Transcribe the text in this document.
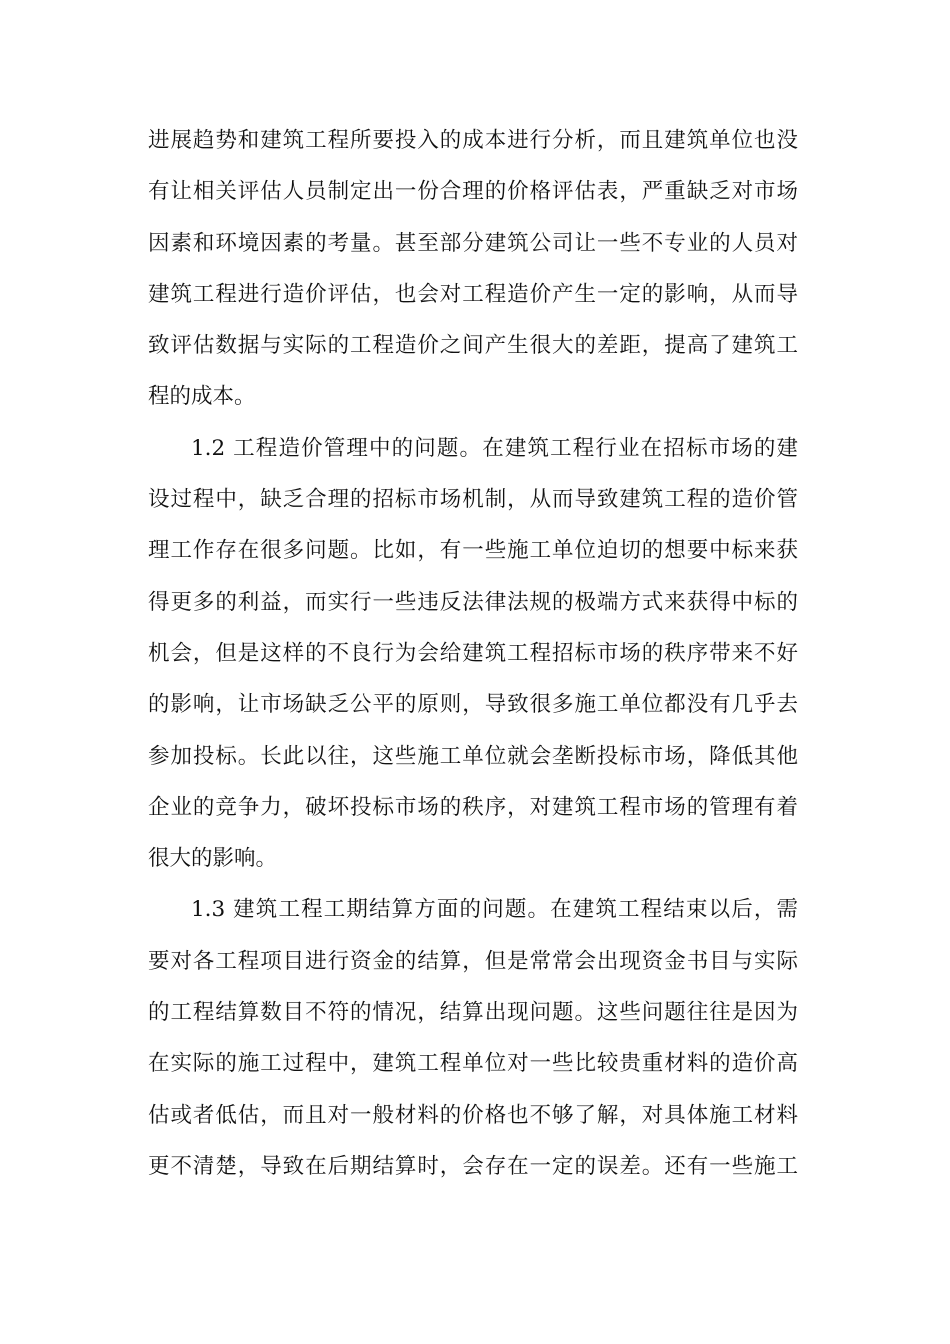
进展趋势和建筑工程所要投入的成本进行分析，而且建筑单位也没
有让相关评估人员制定出一份合理的价格评估表，严重缺乏对市场
因素和环境因素的考量。甚至部分建筑公司让一些不专业的人员对
建筑工程进行造价评估，也会对工程造价产生一定的影响，从而导
致评估数据与实际的工程造价之间产生很大的差距，提高了建筑工
程的成本。
1.2 工程造价管理中的问题。在建筑工程行业在招标市场的建
设过程中，缺乏合理的招标市场机制，从而导致建筑工程的造价管
理工作存在很多问题。比如，有一些施工单位迫切的想要中标来获
得更多的利益，而实行一些违反法律法规的极端方式来获得中标的
机会，但是这样的不良行为会给建筑工程招标市场的秩序带来不好
的影响，让市场缺乏公平的原则，导致很多施工单位都没有几乎去
参加投标。长此以往，这些施工单位就会垄断投标市场，降低其他
企业的竞争力，破坏投标市场的秩序，对建筑工程市场的管理有着
很大的影响。
1.3 建筑工程工期结算方面的问题。在建筑工程结束以后，需
要对各工程项目进行资金的结算，但是常常会出现资金书目与实际
的工程结算数目不符的情况，结算出现问题。这些问题往往是因为
在实际的施工过程中，建筑工程单位对一些比较贵重材料的造价高
估或者低估，而且对一般材料的价格也不够了解，对具体施工材料
更不清楚，导致在后期结算时，会存在一定的误差。还有一些施工
